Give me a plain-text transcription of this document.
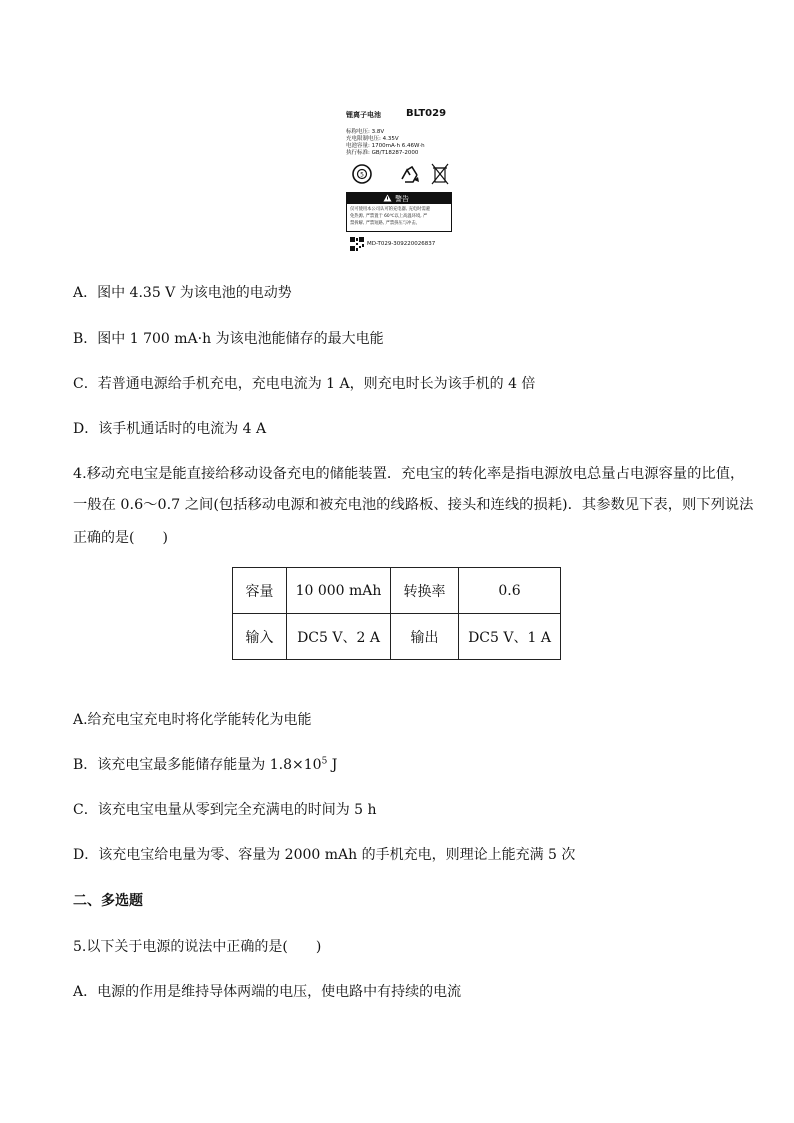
锂离子电池	BLT029
标称电压: 3.8V
充电限制电压: 4.35V
电池容量: 1700mA·h 6.46W·h
执行标准: GB/T18287-2000
5
警告
仅可使用本公司认可的充电器, 充电时需避
免热源, 严禁置于 60℃以上高温环境, 严
禁拆解, 严禁短路, 严禁挤压与冲击。
MD-T029-309220026837
A．图中 4.35 V 为该电池的电动势
B．图中 1 700 mA·h 为该电池能储存的最大电能
C．若普通电源给手机充电，充电电流为 1 A，则充电时长为该手机的 4 倍
D．该手机通话时的电流为 4 A
4.移动充电宝是能直接给移动设备充电的储能装置．充电宝的转化率是指电源放电总量占电源容量的比值，
一般在 0.6～0.7 之间(包括移动电源和被充电池的线路板、接头和连线的损耗)．其参数见下表，则下列说法
正确的是(　　)
容量	10 000 mAh	转换率	0.6
输入	DC5 V、2 A	输出	DC5 V、1 A
A.给充电宝充电时将化学能转化为电能
B．该充电宝最多能储存能量为 $1.8\times 10^5$ J
C．该充电宝电量从零到完全充满电的时间为 5 h
D．该充电宝给电量为零、容量为 2000 mAh 的手机充电，则理论上能充满 5 次
二、多选题
5.以下关于电源的说法中正确的是(　　)
A．电源的作用是维持导体两端的电压，使电路中有持续的电流
